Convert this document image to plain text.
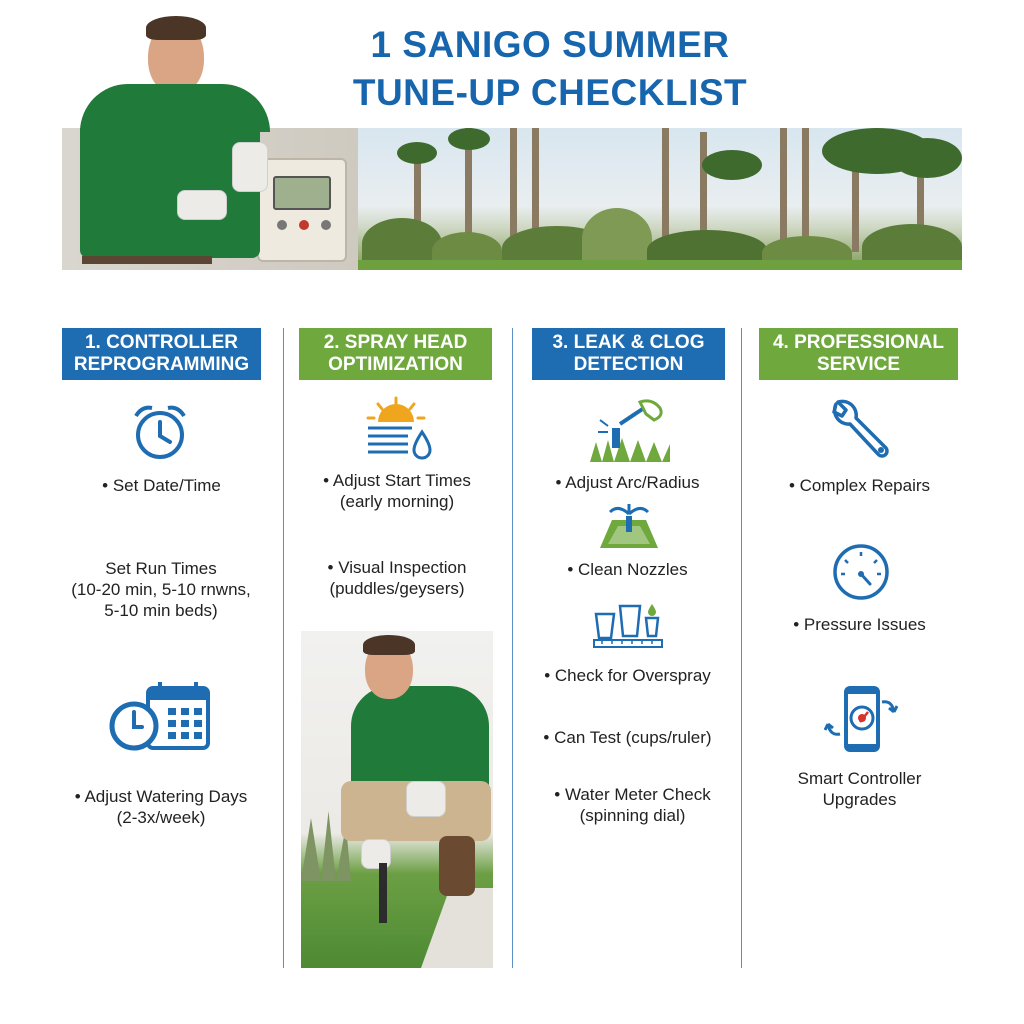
1 SANIGO SUMMER
TUNE-UP CHECKLIST
1. CONTROLLER
REPROGRAMMING
2. SPRAY HEAD
OPTIMIZATION
3. LEAK & CLOG
DETECTION
4. PROFESSIONAL
SERVICE
• Set Date/Time
Set Run Times
(10-20 min, 5-10 rnwns,
5-10 min beds)
• Adjust Watering Days
(2-3x/week)
• Adjust Start Times
(early morning)
• Visual Inspection
(puddles/geysers)
• Adjust Arc/Radius
• Clean Nozzles
• Check for Overspray
• Can Test (cups/ruler)
• Water Meter Check
(spinning dial)
• Complex Repairs
• Pressure Issues
Smart Controller
Upgrades
